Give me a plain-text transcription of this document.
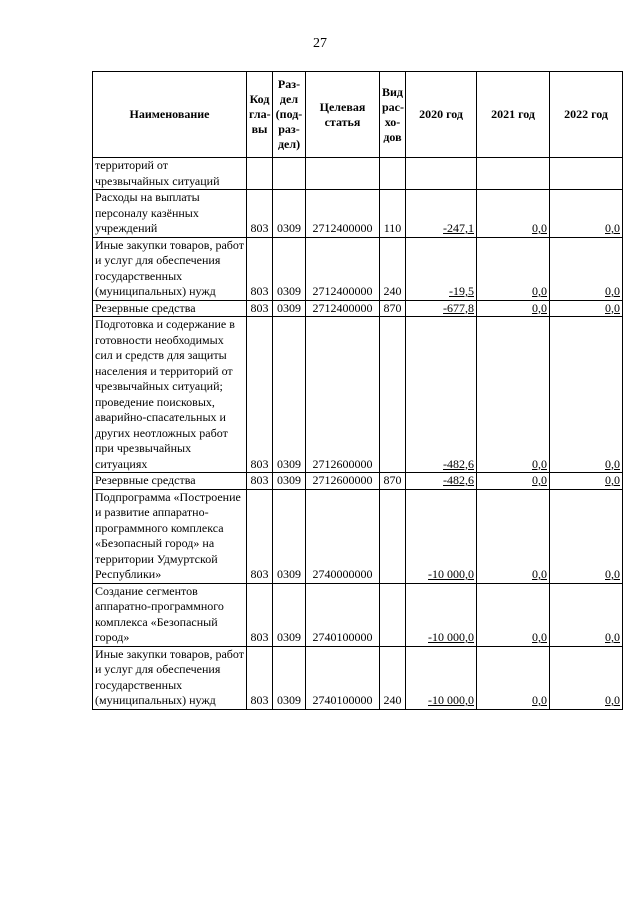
27
Наименование	Код гла-вы	Раз-дел (под-раз-дел)	Целевая статья	Вид рас-хо-дов	2020 год	2021 год	2022 год
территорий от чрезвычайных ситуаций							
Расходы на выплаты персоналу казённых учреждений	803	0309	2712400000	110	-247,1	0,0	0,0
Иные закупки товаров, работ и услуг для обеспечения государственных (муниципальных) нужд	803	0309	2712400000	240	-19,5	0,0	0,0
Резервные средства	803	0309	2712400000	870	-677,8	0,0	0,0
Подготовка и содержание в готовности необходимых сил и средств для защиты населения и территорий от чрезвычайных ситуаций; проведение поисковых, аварийно-спасательных и других неотложных работ при чрезвычайных ситуациях	803	0309	2712600000		-482,6	0,0	0,0
Резервные средства	803	0309	2712600000	870	-482,6	0,0	0,0
Подпрограмма «Построение и развитие аппаратно-программного комплекса «Безопасный город» на территории Удмуртской Республики»	803	0309	2740000000		-10 000,0	0,0	0,0
Создание сегментов аппаратно-программного комплекса «Безопасный город»	803	0309	2740100000		-10 000,0	0,0	0,0
Иные закупки товаров, работ и услуг для обеспечения государственных (муниципальных) нужд	803	0309	2740100000	240	-10 000,0	0,0	0,0
